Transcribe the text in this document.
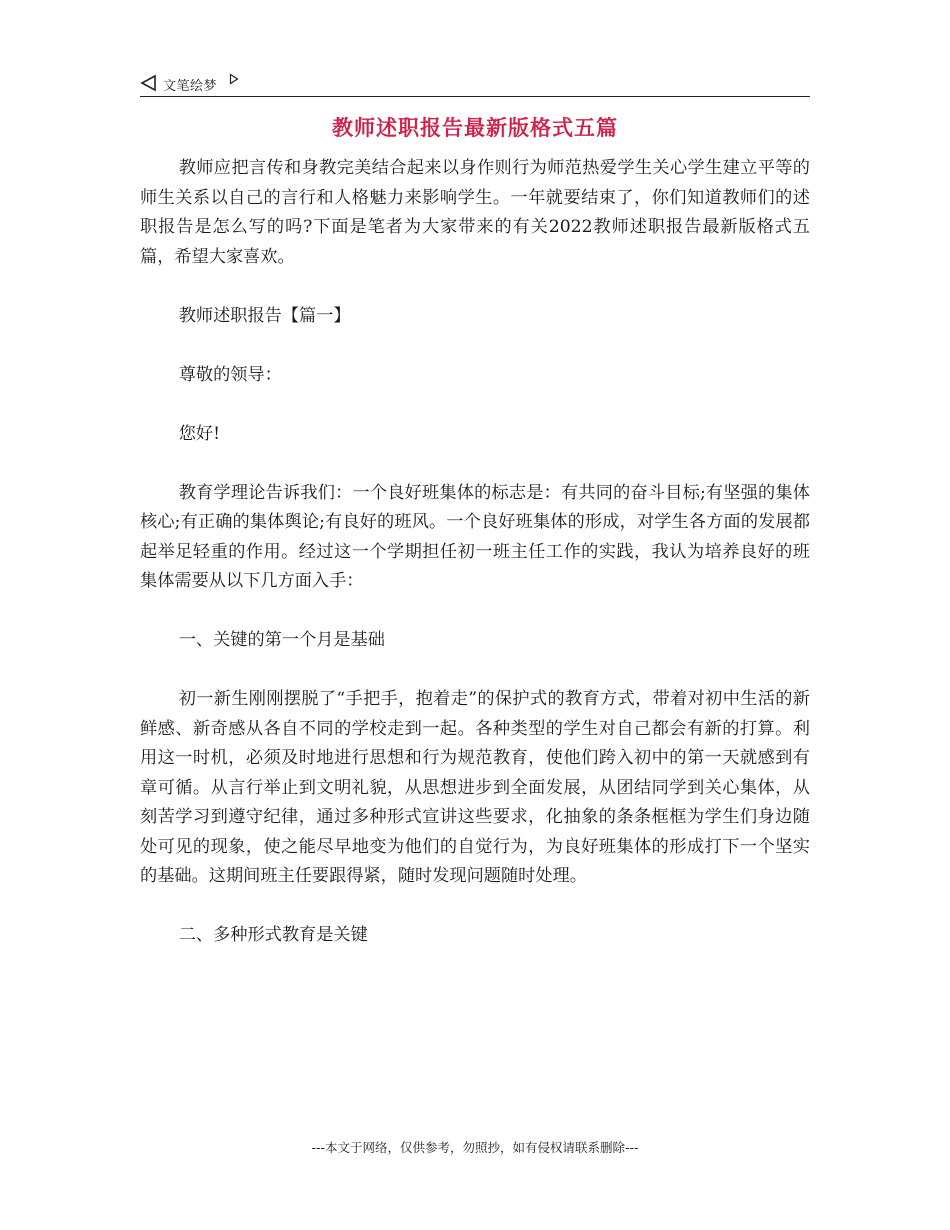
文笔绘梦
教师述职报告最新版格式五篇

教师应把言传和身教完美结合起来以身作则行为师范热爱学生关心学生建立平等的师生关系以自己的言行和人格魅力来影响学生。一年就要结束了，你们知道教师们的述职报告是怎么写的吗?下面是笔者为大家带来的有关2022教师述职报告最新版格式五篇，希望大家喜欢。

教师述职报告【篇一】

尊敬的领导：

您好!

教育学理论告诉我们：一个良好班集体的标志是：有共同的奋斗目标;有坚强的集体核心;有正确的集体舆论;有良好的班风。一个良好班集体的形成，对学生各方面的发展都起举足轻重的作用。经过这一个学期担任初一班主任工作的实践，我认为培养良好的班集体需要从以下几方面入手：

一、关键的第一个月是基础

初一新生刚刚摆脱了“手把手，抱着走”的保护式的教育方式，带着对初中生活的新鲜感、新奇感从各自不同的学校走到一起。各种类型的学生对自己都会有新的打算。利用这一时机，必须及时地进行思想和行为规范教育，使他们跨入初中的第一天就感到有章可循。从言行举止到文明礼貌，从思想进步到全面发展，从团结同学到关心集体，从刻苦学习到遵守纪律，通过多种形式宣讲这些要求，化抽象的条条框框为学生们身边随处可见的现象，使之能尽早地变为他们的自觉行为，为良好班集体的形成打下一个坚实的基础。这期间班主任要跟得紧，随时发现问题随时处理。

二、多种形式教育是关键

---本文于网络，仅供参考，勿照抄，如有侵权请联系删除---
